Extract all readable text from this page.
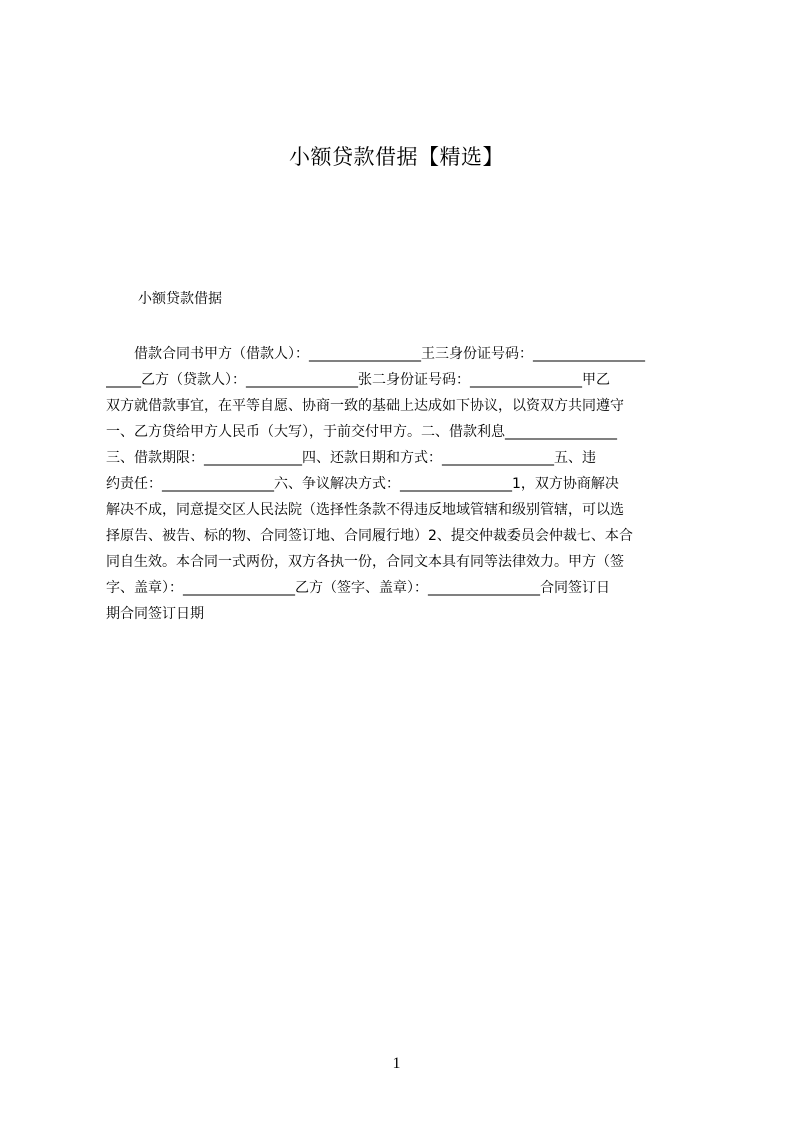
小额贷款借据【精选】

小额贷款借据

　　借款合同书甲方（借款人）：________________王三身份证号码：________________
_____乙方（贷款人）：________________张二身份证号码：________________甲乙
双方就借款事宜，在平等自愿、协商一致的基础上达成如下协议，以资双方共同遵守
一、乙方贷给甲方人民币（大写），于前交付甲方。二、借款利息________________
三、借款期限：______________四、还款日期和方式：________________五、违
约责任：________________六、争议解决方式：________________1，双方协商解决
解决不成，同意提交区人民法院（选择性条款不得违反地域管辖和级别管辖，可以选
择原告、被告、标的物、合同签订地、合同履行地）2、提交仲裁委员会仲裁七、本合
同自生效。本合同一式两份，双方各执一份，合同文本具有同等法律效力。甲方（签
字、盖章）：________________乙方（签字、盖章）：________________合同签订日
期合同签订日期
1
